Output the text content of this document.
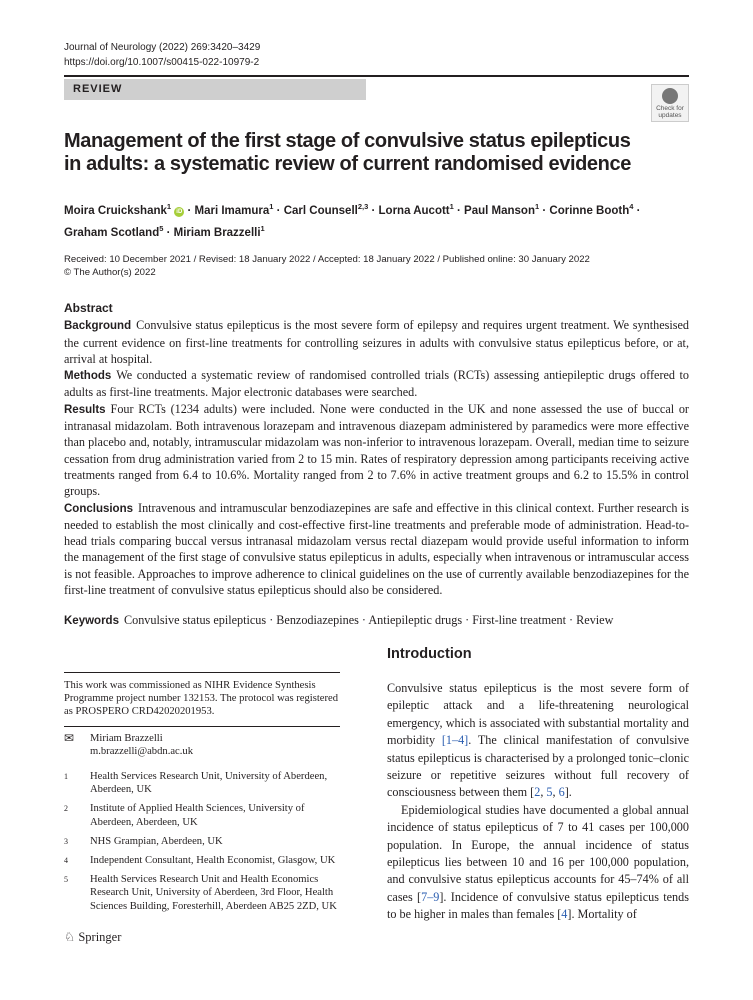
Journal of Neurology (2022) 269:3420–3429
https://doi.org/10.1007/s00415-022-10979-2
REVIEW
Check for
updates
Management of the first stage of convulsive status epilepticus
in adults: a systematic review of current randomised evidence
Moira Cruickshank$^1$ iD · Mari Imamura$^1$ · Carl Counsell$^{2,3}$ · Lorna Aucott$^1$ · Paul Manson$^1$ · Corinne Booth$^4$ ·
Graham Scotland$^5$ · Miriam Brazzelli$^1$
Received: 10 December 2021 / Revised: 18 January 2022 / Accepted: 18 January 2022 / Published online: 30 January 2022
© The Author(s) 2022
Abstract

Background Convulsive status epilepticus is the most severe form of epilepsy and requires urgent treatment. We synthesised the current evidence on first-line treatments for controlling seizures in adults with convulsive status epilepticus before, or at, arrival at hospital.

Methods We conducted a systematic review of randomised controlled trials (RCTs) assessing antiepileptic drugs offered to adults as first-line treatments. Major electronic databases were searched.

Results Four RCTs (1234 adults) were included. None were conducted in the UK and none assessed the use of buccal or intranasal midazolam. Both intravenous lorazepam and intravenous diazepam administered by paramedics were more effective than placebo and, notably, intramuscular midazolam was non-inferior to intravenous lorazepam. Overall, median time to seizure cessation from drug administration varied from 2 to 15 min. Rates of respiratory depression among participants receiving active treatments ranged from 6.4 to 10.6%. Mortality ranged from 2 to 7.6% in active treatment groups and 6.2 to 15.5% in control groups.

Conclusions Intravenous and intramuscular benzodiazepines are safe and effective in this clinical context. Further research is needed to establish the most clinically and cost-effective first-line treatments and preferable mode of administration. Head-to-head trials comparing buccal versus intranasal midazolam versus rectal diazepam would provide useful information to inform the management of the first stage of convulsive status epilepticus in adults, especially when intravenous or intramuscular access is not feasible. Approaches to improve adherence to clinical guidelines on the use of currently available benzodiazepines for the first-line treatment of convulsive status epilepticus should also be considered.

Keywords Convulsive status epilepticus · Benzodiazepines · Antiepileptic drugs · First-line treatment · Review
This work was commissioned as NIHR Evidence Synthesis Programme project number 132153. The protocol was registered as PROSPERO CRD42020201953.
✉	Miriam Brazzelli
m.brazzelli@abdn.ac.uk
1	Health Services Research Unit, University of Aberdeen, Aberdeen, UK
2	Institute of Applied Health Sciences, University of Aberdeen, Aberdeen, UK
3	NHS Grampian, Aberdeen, UK
4	Independent Consultant, Health Economist, Glasgow, UK
5	Health Services Research Unit and Health Economics Research Unit, University of Aberdeen, 3rd Floor, Health Sciences Building, Foresterhill, Aberdeen AB25 2ZD, UK
♘ Springer
Introduction

Convulsive status epilepticus is the most severe form of epileptic attack and a life-threatening neurological emergency, which is associated with substantial mortality and morbidity [1–4]. The clinical manifestation of convulsive status epilepticus is characterised by a prolonged tonic–clonic seizure or repetitive seizures without full recovery of consciousness between them [2, 5, 6].

Epidemiological studies have documented a global annual incidence of status epilepticus of 7 to 41 cases per 100,000 population. In Europe, the annual incidence of status epilepticus lies between 10 and 16 per 100,000 population, and convulsive status epilepticus accounts for 45–74% of all cases [7–9]. Incidence of convulsive status epilepticus tends to be higher in males than females [4]. Mortality of
